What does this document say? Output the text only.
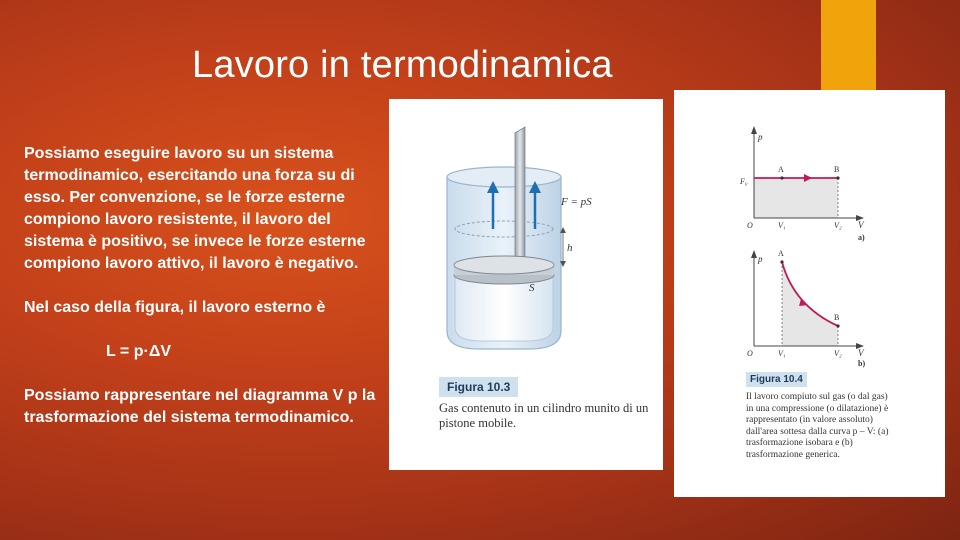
Lavoro in termodinamica

Possiamo eseguire lavoro su un sistema termodinamico, esercitando una forza su di esso. Per convenzione, se le forze esterne compiono lavoro resistente, il lavoro del sistema è positivo, se invece le forze esterne compiono lavoro attivo, il lavoro è negativo.

Nel caso della figura, il lavoro esterno è

L = p·ΔV

Possiamo rappresentare nel diagramma V p la trasformazione del sistema termodinamico.

F = pS
h
S
Figura 10.3
Gas contenuto in un cilindro munito di un pistone mobile.
p
F₀
A	B
O	V₁	V₂ V
a)
p
A
B
O	V₁	V₂ V
b)
Figura 10.4
Il lavoro compiuto sul gas (o dal gas) in una compressione (o dilatazione) è rappresentato (in valore assoluto) dall'area sottesa dalla curva p – V: (a) trasformazione isobara e (b) trasformazione generica.
